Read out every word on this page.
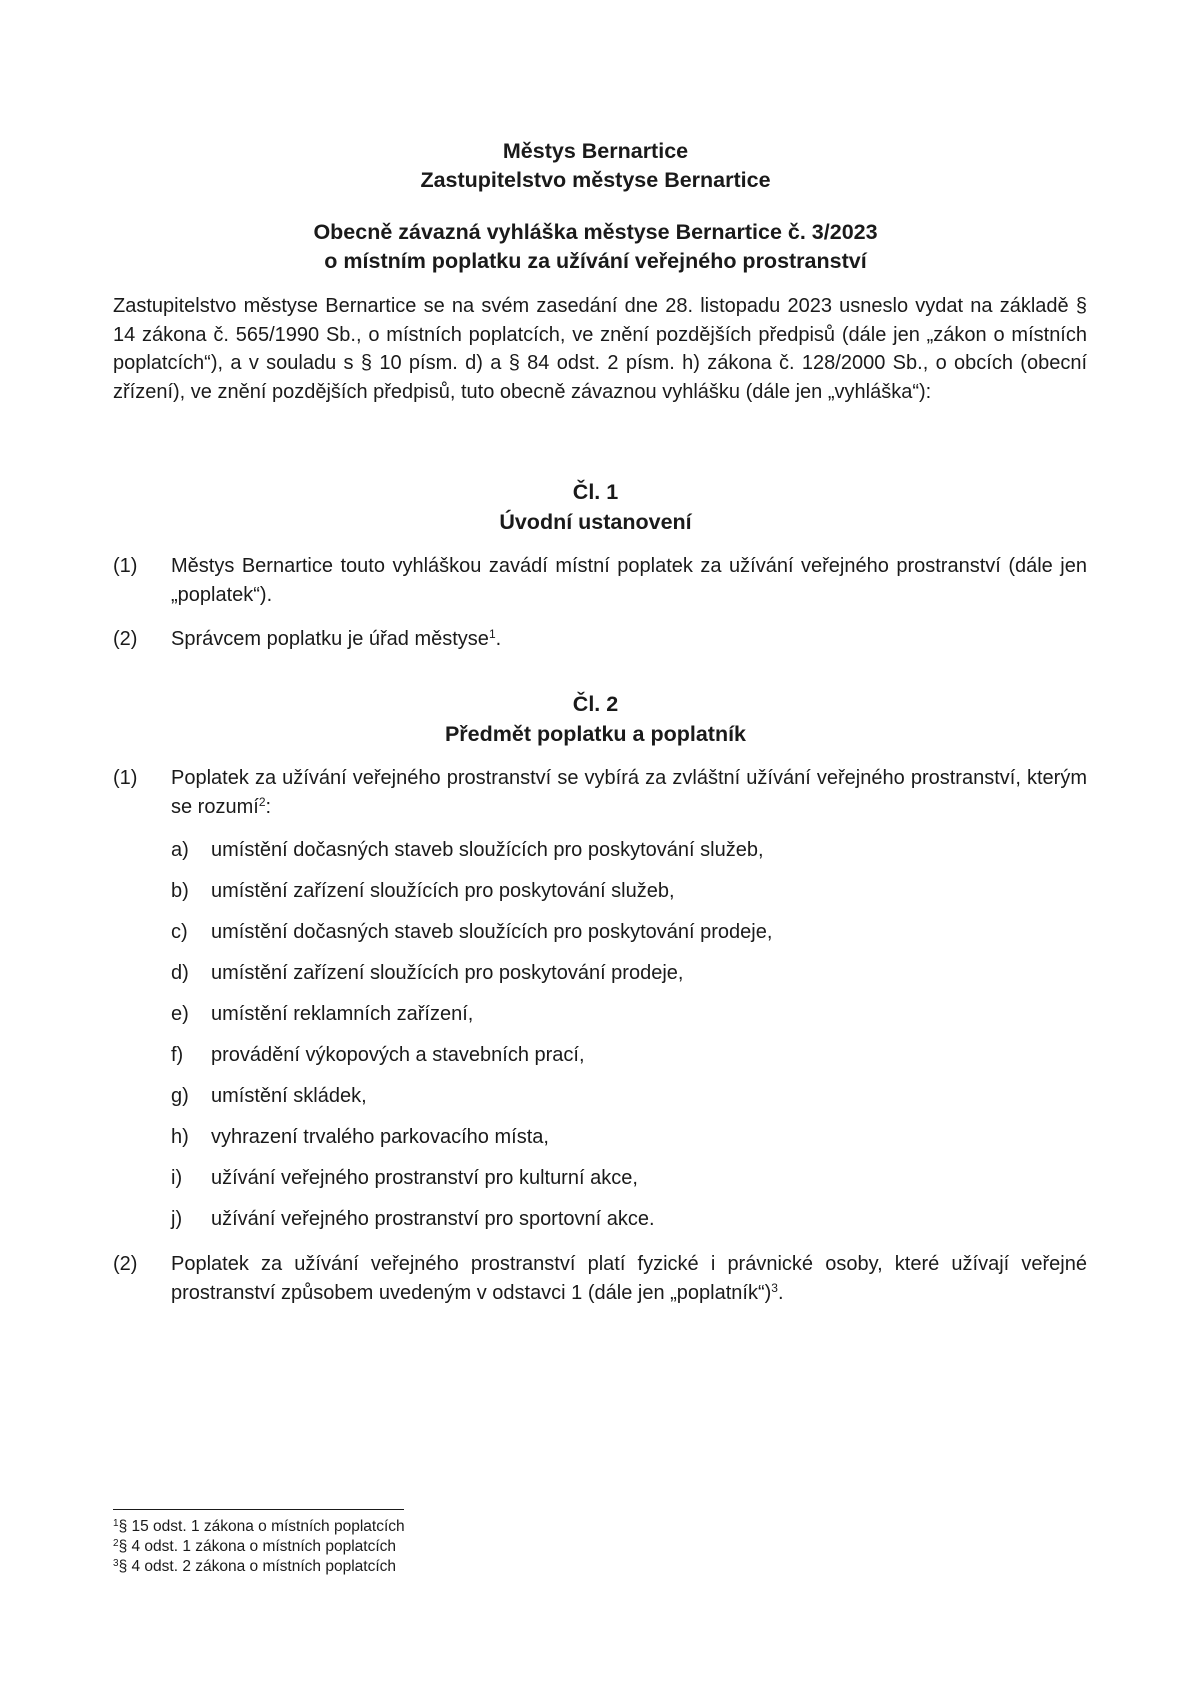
Městys Bernartice
Zastupitelstvo městyse Bernartice
Obecně závazná vyhláška městyse Bernartice č. 3/2023
o místním poplatku za užívání veřejného prostranství
Zastupitelstvo městyse Bernartice se na svém zasedání dne 28. listopadu 2023 usneslo vydat na základě § 14 zákona č. 565/1990 Sb., o místních poplatcích, ve znění pozdějších předpisů (dále jen „zákon o místních poplatcích“), a v souladu s § 10 písm. d) a § 84 odst. 2 písm. h) zákona č. 128/2000 Sb., o obcích (obecní zřízení), ve znění pozdějších předpisů, tuto obecně závaznou vyhlášku (dále jen „vyhláška“):
Čl. 1
Úvodní ustanovení
(1) Městys Bernartice touto vyhláškou zavádí místní poplatek za užívání veřejného prostranství (dále jen „poplatek“).
(2) Správcem poplatku je úřad městyse$^1$.
Čl. 2
Předmět poplatku a poplatník
(1) Poplatek za užívání veřejného prostranství se vybírá za zvláštní užívání veřejného prostranství, kterým se rozumí$^2$:
a) umístění dočasných staveb sloužících pro poskytování služeb,
b) umístění zařízení sloužících pro poskytování služeb,
c) umístění dočasných staveb sloužících pro poskytování prodeje,
d) umístění zařízení sloužících pro poskytování prodeje,
e) umístění reklamních zařízení,
f) provádění výkopových a stavebních prací,
g) umístění skládek,
h) vyhrazení trvalého parkovacího místa,
i) užívání veřejného prostranství pro kulturní akce,
j) užívání veřejného prostranství pro sportovní akce.
(2) Poplatek za užívání veřejného prostranství platí fyzické i právnické osoby, které užívají veřejné prostranství způsobem uvedeným v odstavci 1 (dále jen „poplatník“)$^3$.
$^1$§ 15 odst. 1 zákona o místních poplatcích
$^2$§ 4 odst. 1 zákona o místních poplatcích
$^3$§ 4 odst. 2 zákona o místních poplatcích
